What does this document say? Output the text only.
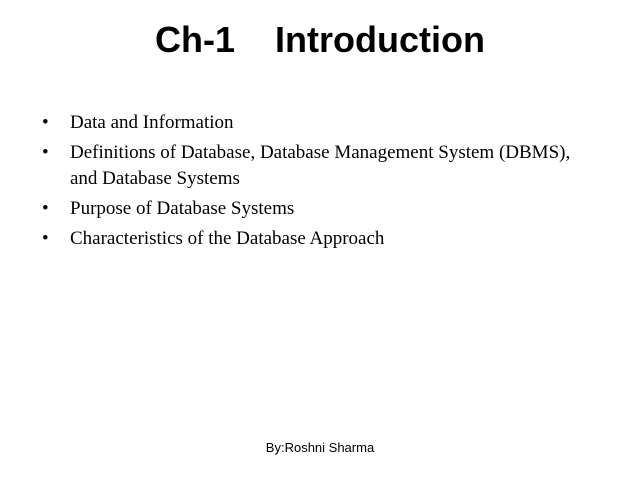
Ch-1    Introduction
•	Data and Information
•	Definitions of Database, Database Management System (DBMS), and Database Systems
•	Purpose of Database Systems
•	Characteristics of the Database Approach
By:Roshni Sharma
